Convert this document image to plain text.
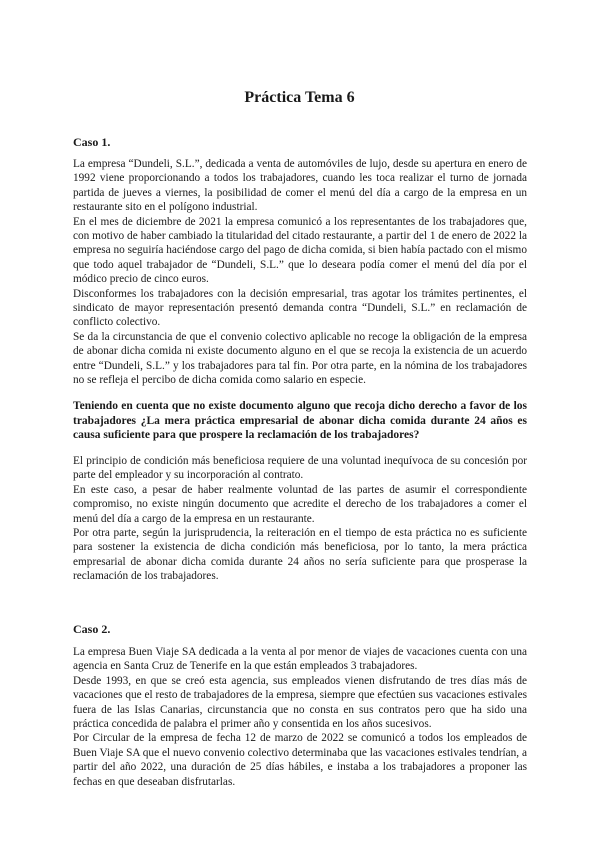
Práctica Tema 6
Caso 1.

La empresa “Dundeli, S.L.”, dedicada a venta de automóviles de lujo, desde su apertura en enero de 1992 viene proporcionando a todos los trabajadores, cuando les toca realizar el turno de jornada partida de jueves a viernes, la posibilidad de comer el menú del día a cargo de la empresa en un restaurante sito en el polígono industrial.

En el mes de diciembre de 2021 la empresa comunicó a los representantes de los trabajadores que, con motivo de haber cambiado la titularidad del citado restaurante, a partir del 1 de enero de 2022 la empresa no seguiría haciéndose cargo del pago de dicha comida, si bien había pactado con el mismo que todo aquel trabajador de “Dundeli, S.L.” que lo deseara podía comer el menú del día por el módico precio de cinco euros.

Disconformes los trabajadores con la decisión empresarial, tras agotar los trámites pertinentes, el sindicato de mayor representación presentó demanda contra “Dundeli, S.L.” en reclamación de conflicto colectivo.

Se da la circunstancia de que el convenio colectivo aplicable no recoge la obligación de la empresa de abonar dicha comida ni existe documento alguno en el que se recoja la existencia de un acuerdo entre “Dundeli, S.L.” y los trabajadores para tal fin. Por otra parte, en la nómina de los trabajadores no se refleja el percibo de dicha comida como salario en especie.

Teniendo en cuenta que no existe documento alguno que recoja dicho derecho a favor de los trabajadores ¿La mera práctica empresarial de abonar dicha comida durante 24 años es causa suficiente para que prospere la reclamación de los trabajadores?

El principio de condición más beneficiosa requiere de una voluntad inequívoca de su concesión por parte del empleador y su incorporación al contrato.

En este caso, a pesar de haber realmente voluntad de las partes de asumir el correspondiente compromiso, no existe ningún documento que acredite el derecho de los trabajadores a comer el menú del día a cargo de la empresa en un restaurante.

Por otra parte, según la jurisprudencia, la reiteración en el tiempo de esta práctica no es suficiente para sostener la existencia de dicha condición más beneficiosa, por lo tanto, la mera práctica empresarial de abonar dicha comida durante 24 años no sería suficiente para que prosperase la reclamación de los trabajadores.

Caso 2.

La empresa Buen Viaje SA dedicada a la venta al por menor de viajes de vacaciones cuenta con una agencia en Santa Cruz de Tenerife en la que están empleados 3 trabajadores.

Desde 1993, en que se creó esta agencia, sus empleados vienen disfrutando de tres días más de vacaciones que el resto de trabajadores de la empresa, siempre que efectúen sus vacaciones estivales fuera de las Islas Canarias, circunstancia que no consta en sus contratos pero que ha sido una práctica concedida de palabra el primer año y consentida en los años sucesivos.

Por Circular de la empresa de fecha 12 de marzo de 2022 se comunicó a todos los empleados de Buen Viaje SA que el nuevo convenio colectivo determinaba que las vacaciones estivales tendrían, a partir del año 2022, una duración de 25 días hábiles, e instaba a los trabajadores a proponer las fechas en que deseaban disfrutarlas.
